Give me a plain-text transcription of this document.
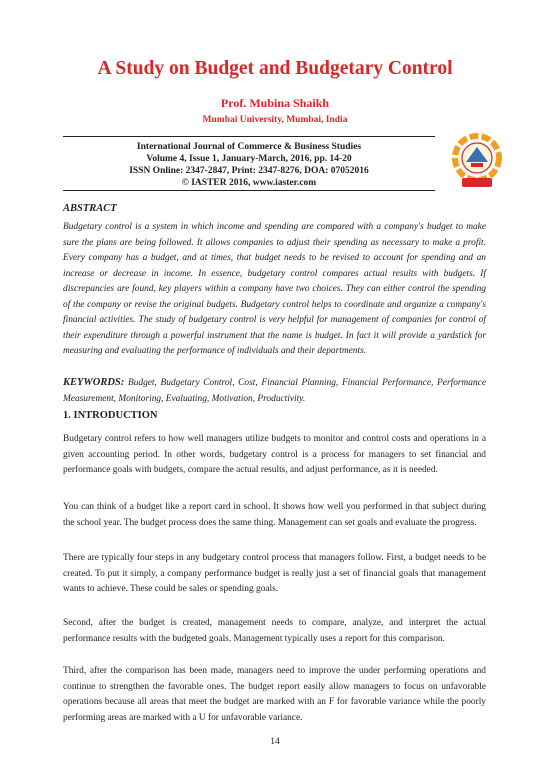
A Study on Budget and Budgetary Control

Prof. Mubina Shaikh

Mumbai University, Mumbai, India

International Journal of Commerce & Business Studies
Volume 4, Issue 1, January-March, 2016, pp. 14-20
ISSN Online: 2347-2847, Print: 2347-8276, DOA: 07052016
© IASTER 2016, www.iaster.com

ABSTRACT

Budgetary control is a system in which income and spending are compared with a company's budget to make sure the plans are being followed. It allows companies to adjust their spending as necessary to make a profit. Every company has a budget, and at times, that budget needs to be revised to account for spending and an increase or decrease in income. In essence, budgetary control compares actual results with budgets. If discrepancies are found, key players within a company have two choices. They can either control the spending of the company or revise the original budgets. Budgetary control helps to coordinate and organize a company's financial activities. The study of budgetary control is very helpful for management of companies for control of their expenditure through a powerful instrument that the name is budget. In fact it will provide a yardstick for measuring and evaluating the performance of individuals and their departments.

KEYWORDS: Budget, Budgetary Control, Cost, Financial Planning, Financial Performance, Performance Measurement, Monitoring, Evaluating, Motivation, Productivity.

1. INTRODUCTION

Budgetary control refers to how well managers utilize budgets to monitor and control costs and operations in a given accounting period. In other words, budgetary control is a process for managers to set financial and performance goals with budgets, compare the actual results, and adjust performance, as it is needed.

You can think of a budget like a report card in school. It shows how well you performed in that subject during the school year. The budget process does the same thing. Management can set goals and evaluate the progress.

There are typically four steps in any budgetary control process that managers follow. First, a budget needs to be created. To put it simply, a company performance budget is really just a set of financial goals that management wants to achieve. These could be sales or spending goals.

Second, after the budget is created, management needs to compare, analyze, and interpret the actual performance results with the budgeted goals. Management typically uses a report for this comparison.

Third, after the comparison has been made, managers need to improve the under performing operations and continue to strengthen the favorable ones. The budget report easily allow managers to focus on unfavorable operations because all areas that meet the budget are marked with an F for favorable variance while the poorly performing areas are marked with a U for unfavorable variance.

14
